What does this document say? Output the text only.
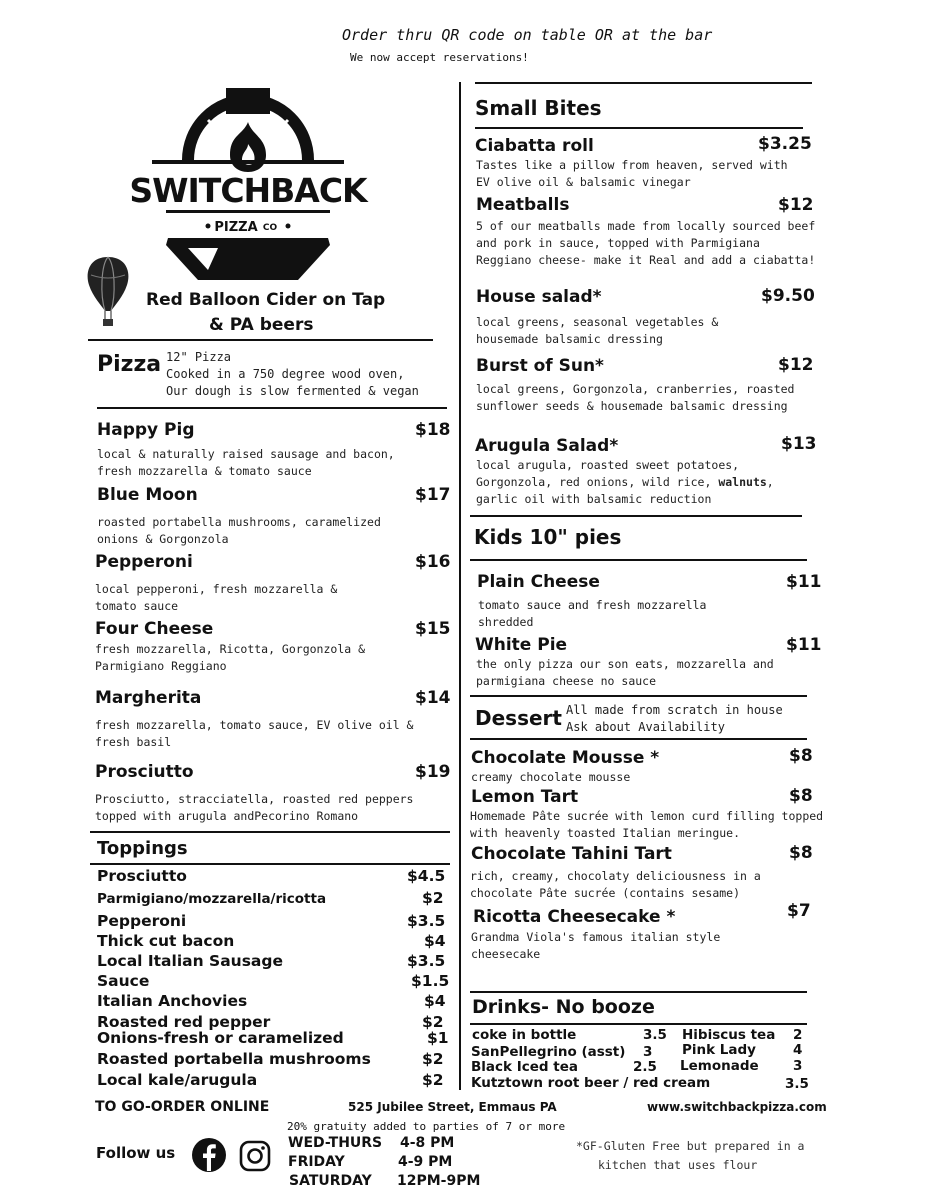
Order thru QR code on table OR at the bar
We now accept reservations!
SWITCHBACK
PIZZA CO
Red Balloon Cider on Tap
& PA beers
Pizza 12" Pizza
Cooked in a 750 degree wood oven,
Our dough is slow fermented & vegan
Happy Pig	$18
local & naturally raised sausage and bacon, fresh mozzarella & tomato sauce
Blue Moon	$17
roasted portabella mushrooms, caramelized onions & Gorgonzola
Pepperoni	$16
local pepperoni, fresh mozzarella & tomato sauce
Four Cheese	$15
fresh mozzarella, Ricotta, Gorgonzola & Parmigiano Reggiano
Margherita	$14
fresh mozzarella, tomato sauce, EV olive oil & fresh basil
Prosciutto	$19
Prosciutto, stracciatella, roasted red peppers topped with arugula andPecorino Romano
Toppings
Prosciutto	$4.5
Parmigiano/mozzarella/ricotta	$2
Pepperoni	$3.5
Thick cut bacon	$4
Local Italian Sausage	$3.5
Sauce	$1.5
Italian Anchovies	$4
Roasted red pepper	$2
Onions-fresh or caramelized	$1
Roasted portabella mushrooms	$2
Local kale/arugula	$2
Small Bites
Ciabatta roll	$3.25
Tastes like a pillow from heaven, served with EV olive oil & balsamic vinegar
Meatballs	$12
5 of our meatballs made from locally sourced beef and pork in sauce, topped with Parmigiana Reggiano cheese- make it Real and add a ciabatta!
House salad*	$9.50
local greens, seasonal vegetables & housemade balsamic dressing
Burst of Sun*	$12
local greens, Gorgonzola, cranberries, roasted sunflower seeds & housemade balsamic dressing
Arugula Salad*	$13
local arugula, roasted sweet potatoes, Gorgonzola, red onions, wild rice, walnuts, garlic oil with balsamic reduction
Kids 10" pies
Plain Cheese	$11
tomato sauce and fresh mozzarella shredded
White Pie	$11
the only pizza our son eats, mozzarella and parmigiana cheese no sauce
Dessert All made from scratch in house
Ask about Availability
Chocolate Mousse *	$8
creamy chocolate mousse
Lemon Tart	$8
Homemade Pâte sucrée with lemon curd filling topped with heavenly toasted Italian meringue.
Chocolate Tahini Tart	$8
rich, creamy, chocolaty deliciousness in a chocolate Pâte sucrée (contains sesame)
Ricotta Cheesecake *	$7
Grandma Viola's famous italian style cheesecake
Drinks- No booze
coke in bottle	3.5 Hibiscus tea 2
SanPellegrino (asst) 3 Pink Lady	4
Black Iced tea	2.5 Lemonade	3
Kutztown root beer / red cream	3.5
TO GO-ORDER ONLINE	525 Jubilee Street, Emmaus PA	www.switchbackpizza.com
20% gratuity added to parties of 7 or more
Follow us
WED-THURS 4-8 PM
FRIDAY	4-9 PM
SATURDAY 12PM-9PM
*GF-Gluten Free but prepared in a
kitchen that uses flour
